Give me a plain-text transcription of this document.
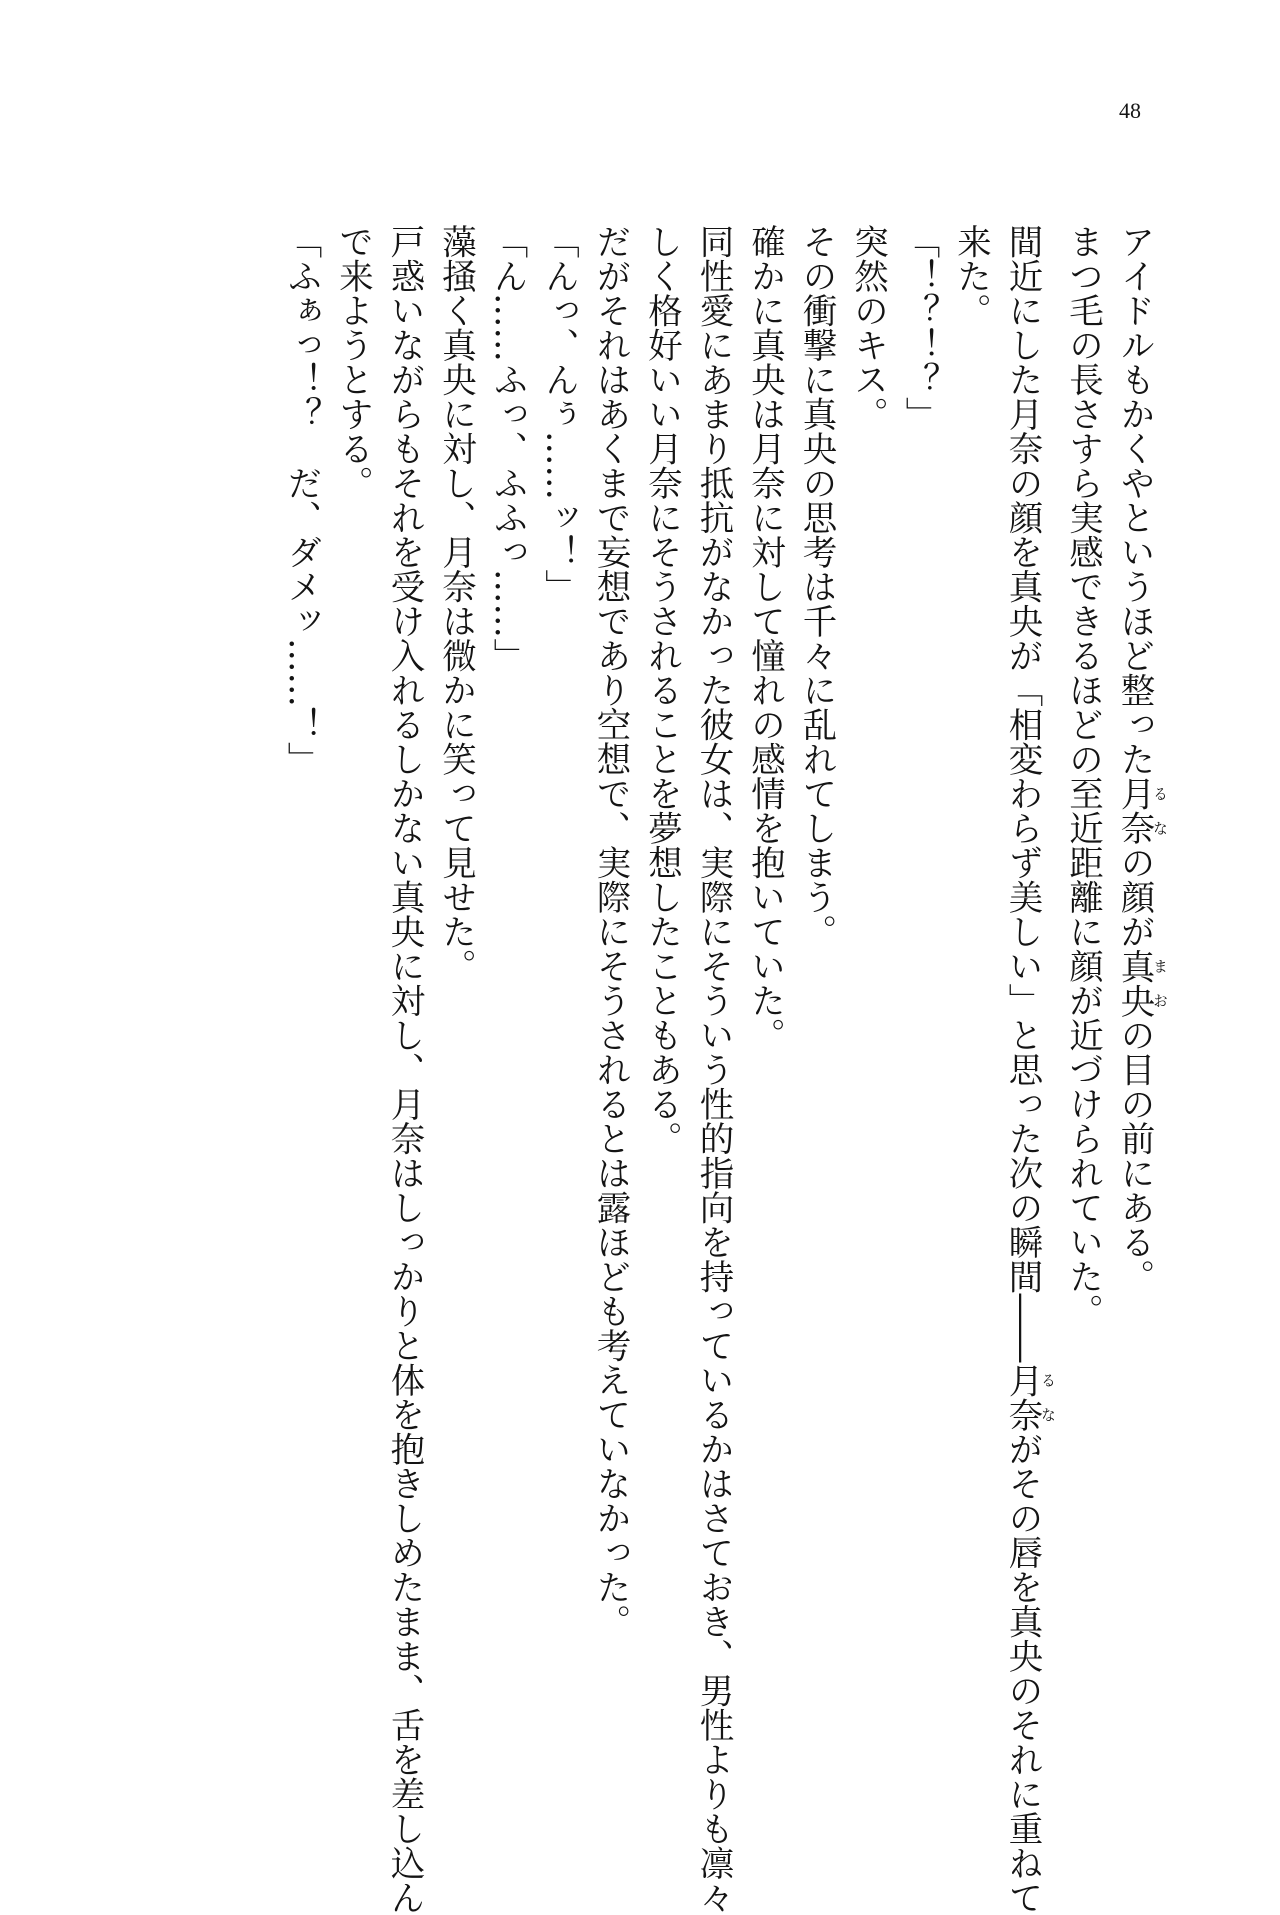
48
アイドルもかくやというほど整った月奈るなの顔が真央まおの目の前にある。
まつ毛の長さすら実感できるほどの至近距離に顔が近づけられていた。
間近にした月奈の顔を真央が「相変わらず美しい」と思った次の瞬間――月奈るながその唇を真央のそれに重ねて
来た。
「！？！？」
突然のキス。
その衝撃に真央の思考は千々に乱れてしまう。
確かに真央は月奈に対して憧れの感情を抱いていた。
同性愛にあまり抵抗がなかった彼女は、実際にそういう性的指向を持っているかはさておき、男性よりも凛々
しく格好いい月奈にそうされることを夢想したこともある。
だがそれはあくまで妄想であり空想で、実際にそうされるとは露ほども考えていなかった。
「んっ、んぅ……ッ！」
「ん……ふっ、ふふっ……」
藻掻く真央に対し、月奈は微かに笑って見せた。
戸惑いながらもそれを受け入れるしかない真央に対し、月奈はしっかりと体を抱きしめたまま、舌を差し込ん
で来ようとする。
「ふぁっ！？　だ、ダメッ……！」
